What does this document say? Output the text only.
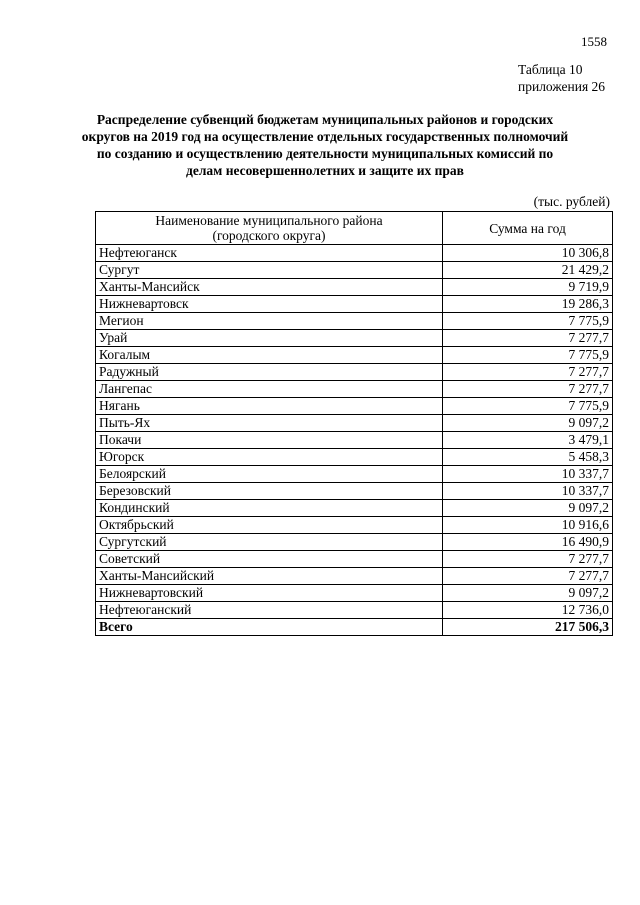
1558
Таблица 10
приложения 26
Распределение субвенций бюджетам муниципальных районов и городских округов на 2019 год на осуществление отдельных государственных полномочий по созданию и осуществлению деятельности муниципальных комиссий по делам несовершеннолетних и защите их прав
(тыс. рублей)
Наименование муниципального района
(городского округа)	Сумма на год
Нефтеюганск	10 306,8
Сургут	21 429,2
Ханты-Мансийск	9 719,9
Нижневартовск	19 286,3
Мегион	7 775,9
Урай	7 277,7
Когалым	7 775,9
Радужный	7 277,7
Лангепас	7 277,7
Нягань	7 775,9
Пыть-Ях	9 097,2
Покачи	3 479,1
Югорск	5 458,3
Белоярский	10 337,7
Березовский	10 337,7
Кондинский	9 097,2
Октябрьский	10 916,6
Сургутский	16 490,9
Советский	7 277,7
Ханты-Мансийский	7 277,7
Нижневартовский	9 097,2
Нефтеюганский	12 736,0
Всего	217 506,3
